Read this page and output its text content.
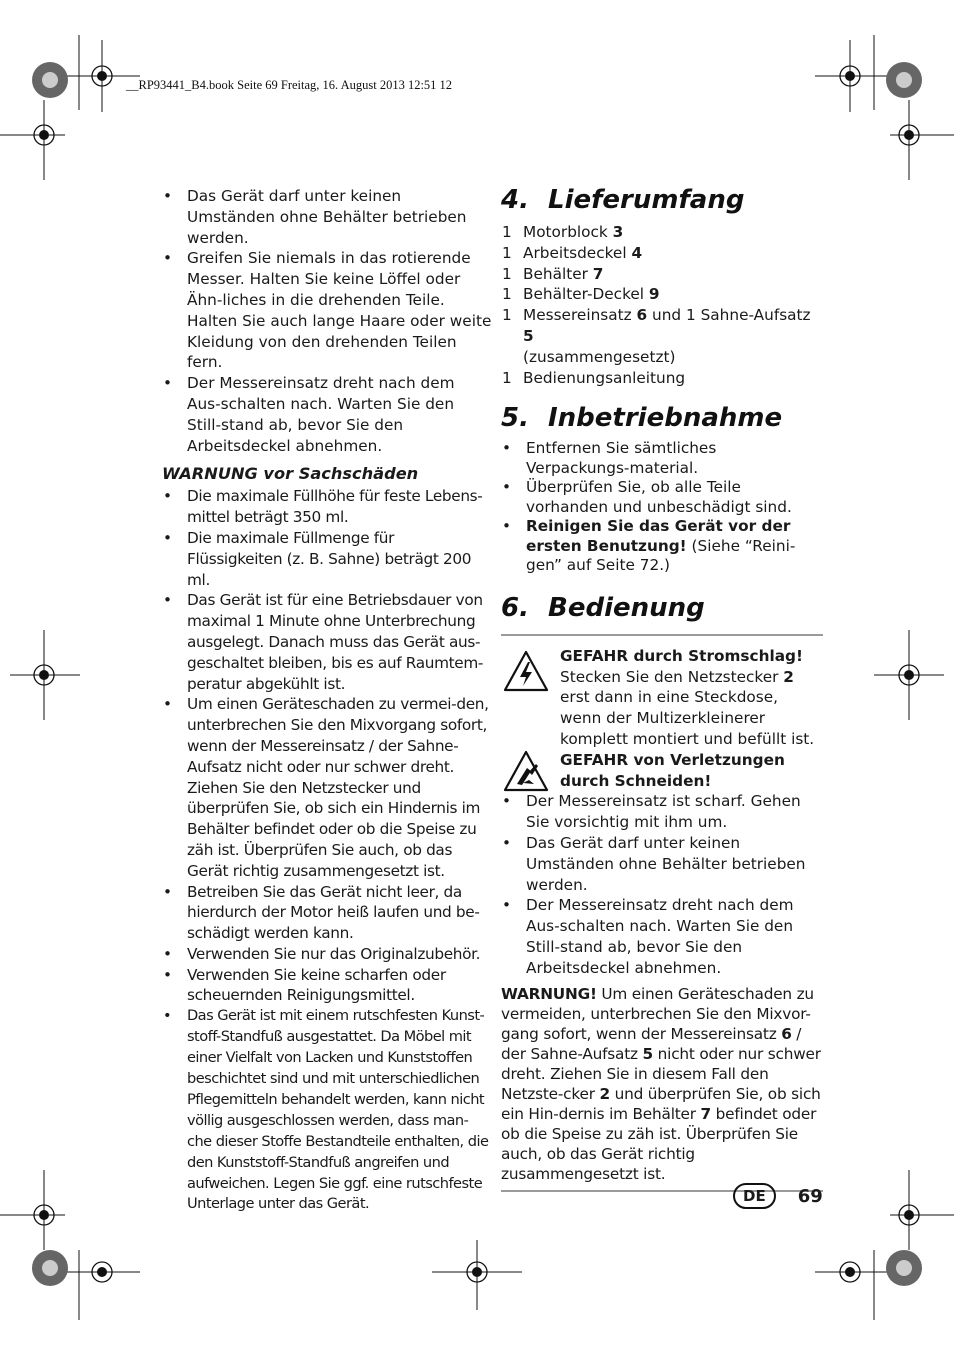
__RP93441_B4.book Seite 69 Freitag, 16. August 2013 12:51 12
• Das Gerät darf unter keinen Umständen ohne Behälter betrieben werden.
• Greifen Sie niemals in das rotierende Messer. Halten Sie keine Löffel oder Ähn-liches in die drehenden Teile. Halten Sie auch lange Haare oder weite Kleidung von den drehenden Teilen fern.
• Der Messereinsatz dreht nach dem Aus-schalten nach. Warten Sie den Still-stand ab, bevor Sie den Arbeitsdeckel abnehmen.
WARNUNG vor Sachschäden
• Die maximale Füllhöhe für feste Lebens-mittel beträgt 350 ml.
• Die maximale Füllmenge für Flüssigkeiten (z. B. Sahne) beträgt 200 ml.
• Das Gerät ist für eine Betriebsdauer von maximal 1 Minute ohne Unterbrechung ausgelegt. Danach muss das Gerät aus-geschaltet bleiben, bis es auf Raumtem-peratur abgekühlt ist.
• Um einen Geräteschaden zu vermei-den, unterbrechen Sie den Mixvorgang sofort, wenn der Messereinsatz / der Sahne-Aufsatz nicht oder nur schwer dreht. Ziehen Sie den Netzstecker und überprüfen Sie, ob sich ein Hindernis im Behälter befindet oder ob die Speise zu zäh ist. Überprüfen Sie auch, ob das Gerät richtig zusammengesetzt ist.
• Betreiben Sie das Gerät nicht leer, da hierdurch der Motor heiß laufen und be-schädigt werden kann.
• Verwenden Sie nur das Originalzubehör.
• Verwenden Sie keine scharfen oder scheuernden Reinigungsmittel.
• Das Gerät ist mit einem rutschfesten Kunst-stoff-Standfuß ausgestattet. Da Möbel mit einer Vielfalt von Lacken und Kunststoffen beschichtet sind und mit unterschiedlichen Pflegemitteln behandelt werden, kann nicht völlig ausgeschlossen werden, dass man-che dieser Stoffe Bestandteile enthalten, die den Kunststoff-Standfuß angreifen und aufweichen. Legen Sie ggf. eine rutschfeste Unterlage unter das Gerät.
4. Lieferumfang
1 Motorblock 3
1 Arbeitsdeckel 4
1 Behälter 7
1 Behälter-Deckel 9
1 Messereinsatz 6 und 1 Sahne-Aufsatz 5
(zusammengesetzt)
1 Bedienungsanleitung
5. Inbetriebnahme
• Entfernen Sie sämtliches Verpackungs-material.
• Überprüfen Sie, ob alle Teile vorhanden und unbeschädigt sind.
• Reinigen Sie das Gerät vor der ersten Benutzung! (Siehe “Reini-gen” auf Seite 72.)
6. Bedienung
GEFAHR durch Stromschlag!
Stecken Sie den Netzstecker 2 erst dann in eine Steckdose, wenn der Multizerkleinerer komplett montiert und befüllt ist.
GEFAHR von Verletzungen durch Schneiden!
• Der Messereinsatz ist scharf. Gehen Sie vorsichtig mit ihm um.
• Das Gerät darf unter keinen Umständen ohne Behälter betrieben werden.
• Der Messereinsatz dreht nach dem Aus-schalten nach. Warten Sie den Still-stand ab, bevor Sie den Arbeitsdeckel abnehmen.

WARNUNG! Um einen Geräteschaden zu vermeiden, unterbrechen Sie den Mixvor-gang sofort, wenn der Messereinsatz 6 / der Sahne-Aufsatz 5 nicht oder nur schwer dreht. Ziehen Sie in diesem Fall den Netzste-cker 2 und überprüfen Sie, ob sich ein Hin-dernis im Behälter 7 befindet oder ob die Speise zu zäh ist. Überprüfen Sie auch, ob das Gerät richtig zusammengesetzt ist.

DE	69
